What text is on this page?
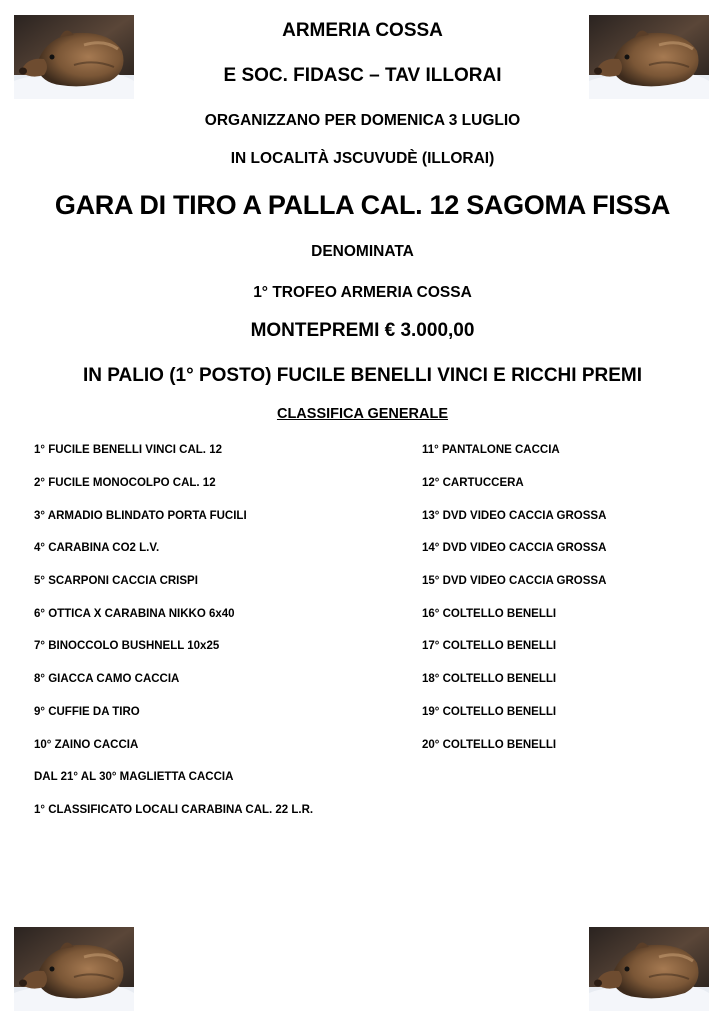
ARMERIA COSSA
E SOC. FIDASC – TAV ILLORAI
ORGANIZZANO PER DOMENICA 3 LUGLIO
IN LOCALITÀ JSCUVUDÈ (ILLORAI)
GARA DI TIRO A PALLA CAL. 12 SAGOMA FISSA
DENOMINATA
1° TROFEO ARMERIA COSSA
MONTEPREMI € 3.000,00
IN PALIO (1° POSTO) FUCILE BENELLI VINCI E RICCHI PREMI
CLASSIFICA GENERALE
1° FUCILE BENELLI VINCI CAL. 12
2° FUCILE MONOCOLPO CAL. 12
3° ARMADIO BLINDATO PORTA FUCILI
4° CARABINA CO2 L.V.
5° SCARPONI CACCIA CRISPI
6° OTTICA X CARABINA NIKKO 6x40
7° BINOCCOLO BUSHNELL 10x25
8° GIACCA CAMO CACCIA
9° CUFFIE DA TIRO
10° ZAINO CACCIA
DAL 21° AL 30° MAGLIETTA CACCIA
1° CLASSIFICATO LOCALI CARABINA CAL. 22 L.R.
11° PANTALONE CACCIA
12° CARTUCCERA
13° DVD VIDEO CACCIA GROSSA
14° DVD VIDEO CACCIA GROSSA
15° DVD VIDEO CACCIA GROSSA
16° COLTELLO BENELLI
17° COLTELLO BENELLI
18° COLTELLO BENELLI
19° COLTELLO BENELLI
20° COLTELLO BENELLI
